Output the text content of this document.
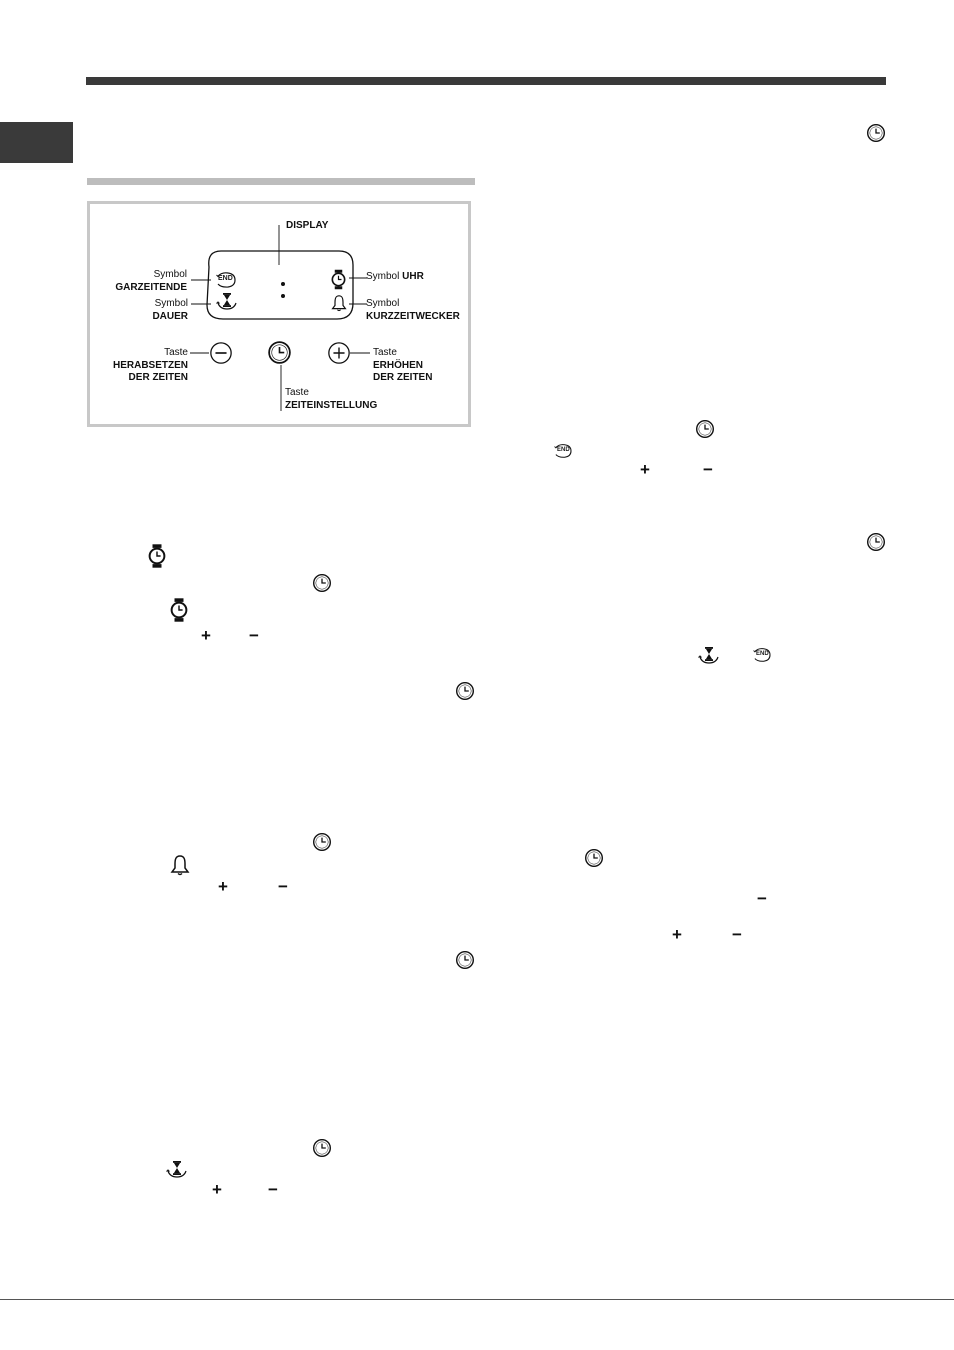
END
DISPLAY
Symbol
GARZEITENDE
Symbol
DAUER
Symbol UHR
Symbol
KURZZEITWECKER
Taste
HERABSETZEN
DER ZEITEN
Taste
ERHÖHEN
DER ZEITEN
Taste
ZEITEINSTELLUNG
+ −
+	−
+	−
END
+	−
END
−
+	−
